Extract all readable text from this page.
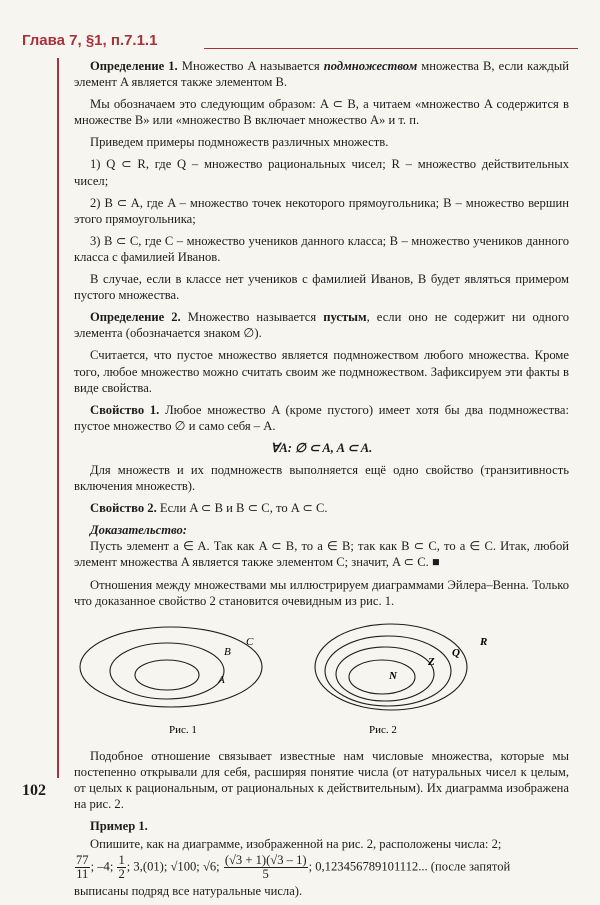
Глава 7, §1, п.7.1.1

Определение 1. Множество A называется подмножеством множества B, если каждый элемент A является также элементом B.

Мы обозначаем это следующим образом: A ⊂ B, а читаем «множество A содержится в множестве B» или «множество B включает множество A» и т. п.

Приведем примеры подмножеств различных множеств.

1) Q ⊂ R, где Q – множество рациональных чисел; R – множество действительных чисел;

2) B ⊂ A, где A – множество точек некоторого прямоугольника; B – множество вершин этого прямоугольника;

3) B ⊂ C, где C – множество учеников данного класса; B – множество учеников данного класса с фамилией Иванов.

В случае, если в классе нет учеников с фамилией Иванов, B будет являться примером пустого множества.

Определение 2. Множество называется пустым, если оно не содержит ни одного элемента (обозначается знаком ∅).

Считается, что пустое множество является подмножеством любого множества. Кроме того, любое множество можно считать своим же подмножеством. Зафиксируем эти факты в виде свойства.

Свойство 1. Любое множество A (кроме пустого) имеет хотя бы два подмножества: пустое множество ∅ и само себя – A.

∀A: ∅ ⊂ A, A ⊂ A.

Для множеств и их подмножеств выполняется ещё одно свойство (транзитивность включения множеств).

Свойство 2. Если A ⊂ B и B ⊂ C, то A ⊂ C.

Доказательство:

Пусть элемент a ∈ A. Так как A ⊂ B, то a ∈ B; так как B ⊂ C, то a ∈ C. Итак, любой элемент множества A является также элементом C; значит, A ⊂ C. ■

Отношения между множествами мы иллюстрируем диаграммами Эйлера–Венна. Только что доказанное свойство 2 становится очевидным из рис. 1.

A
B
C
Рис. 1
N
Z
Q
R
Рис. 2

Подобное отношение связывает известные нам числовые множества, которые мы постепенно открывали для себя, расширяя понятие числа (от натуральных чисел к целым, от целых к рациональным, от рациональных к действительным). Их диаграмма изображена на рис. 2.

Пример 1.

Опишите, как на диаграмме, изображенной на рис. 2, расположены числа: 2;

$\frac{77}{11}$ ; –4; $\frac{1}{2}$ ; 3,(01); √100; √6; $\frac{(√3 + 1)(√3 - 1)}{5}$ ; 0,123456789101112... (после запятой

выписаны подряд все натуральные числа).

102
